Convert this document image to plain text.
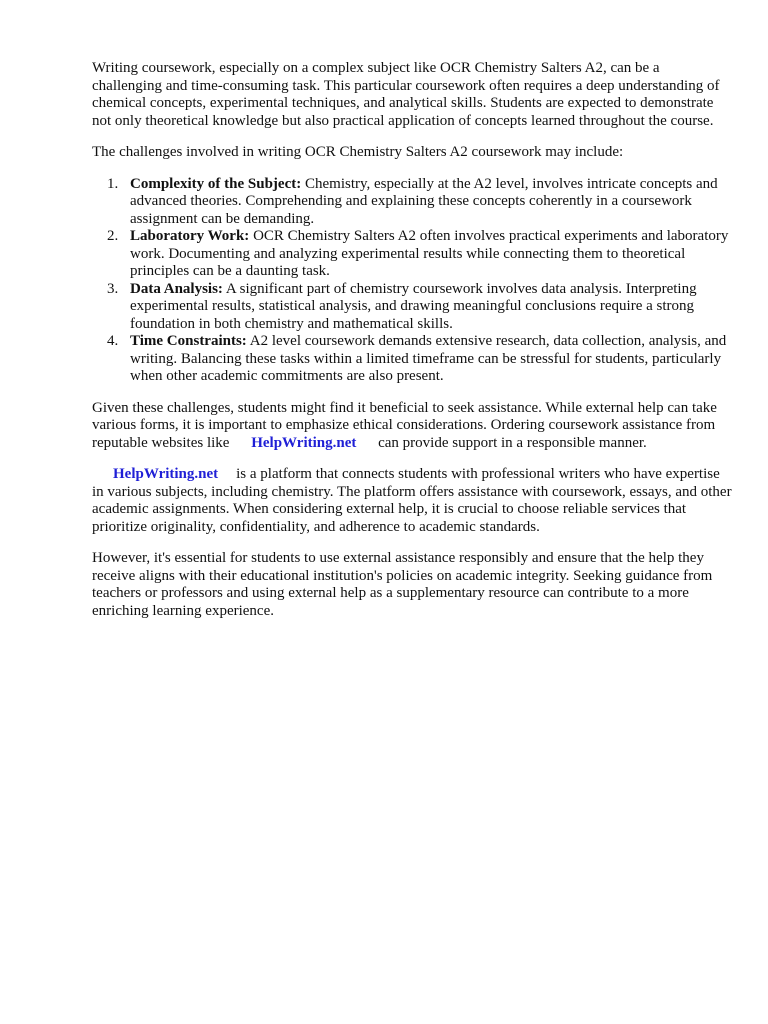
Writing coursework, especially on a complex subject like OCR Chemistry Salters A2, can be a challenging and time-consuming task. This particular coursework often requires a deep understanding of chemical concepts, experimental techniques, and analytical skills. Students are expected to demonstrate not only theoretical knowledge but also practical application of concepts learned throughout the course.

The challenges involved in writing OCR Chemistry Salters A2 coursework may include:

1. Complexity of the Subject: Chemistry, especially at the A2 level, involves intricate concepts and advanced theories. Comprehending and explaining these concepts coherently in a coursework assignment can be demanding.
2. Laboratory Work: OCR Chemistry Salters A2 often involves practical experiments and laboratory work. Documenting and analyzing experimental results while connecting them to theoretical principles can be a daunting task.
3. Data Analysis: A significant part of chemistry coursework involves data analysis. Interpreting experimental results, statistical analysis, and drawing meaningful conclusions require a strong foundation in both chemistry and mathematical skills.
4. Time Constraints: A2 level coursework demands extensive research, data collection, analysis, and writing. Balancing these tasks within a limited timeframe can be stressful for students, particularly when other academic commitments are also present.

Given these challenges, students might find it beneficial to seek assistance. While external help can take various forms, it is important to emphasize ethical considerations. Ordering coursework assistance from reputable websites like HelpWriting.net can provide support in a responsible manner.

HelpWriting.net is a platform that connects students with professional writers who have expertise in various subjects, including chemistry. The platform offers assistance with coursework, essays, and other academic assignments. When considering external help, it is crucial to choose reliable services that prioritize originality, confidentiality, and adherence to academic standards.

However, it's essential for students to use external assistance responsibly and ensure that the help they receive aligns with their educational institution's policies on academic integrity. Seeking guidance from teachers or professors and using external help as a supplementary resource can contribute to a more enriching learning experience.
